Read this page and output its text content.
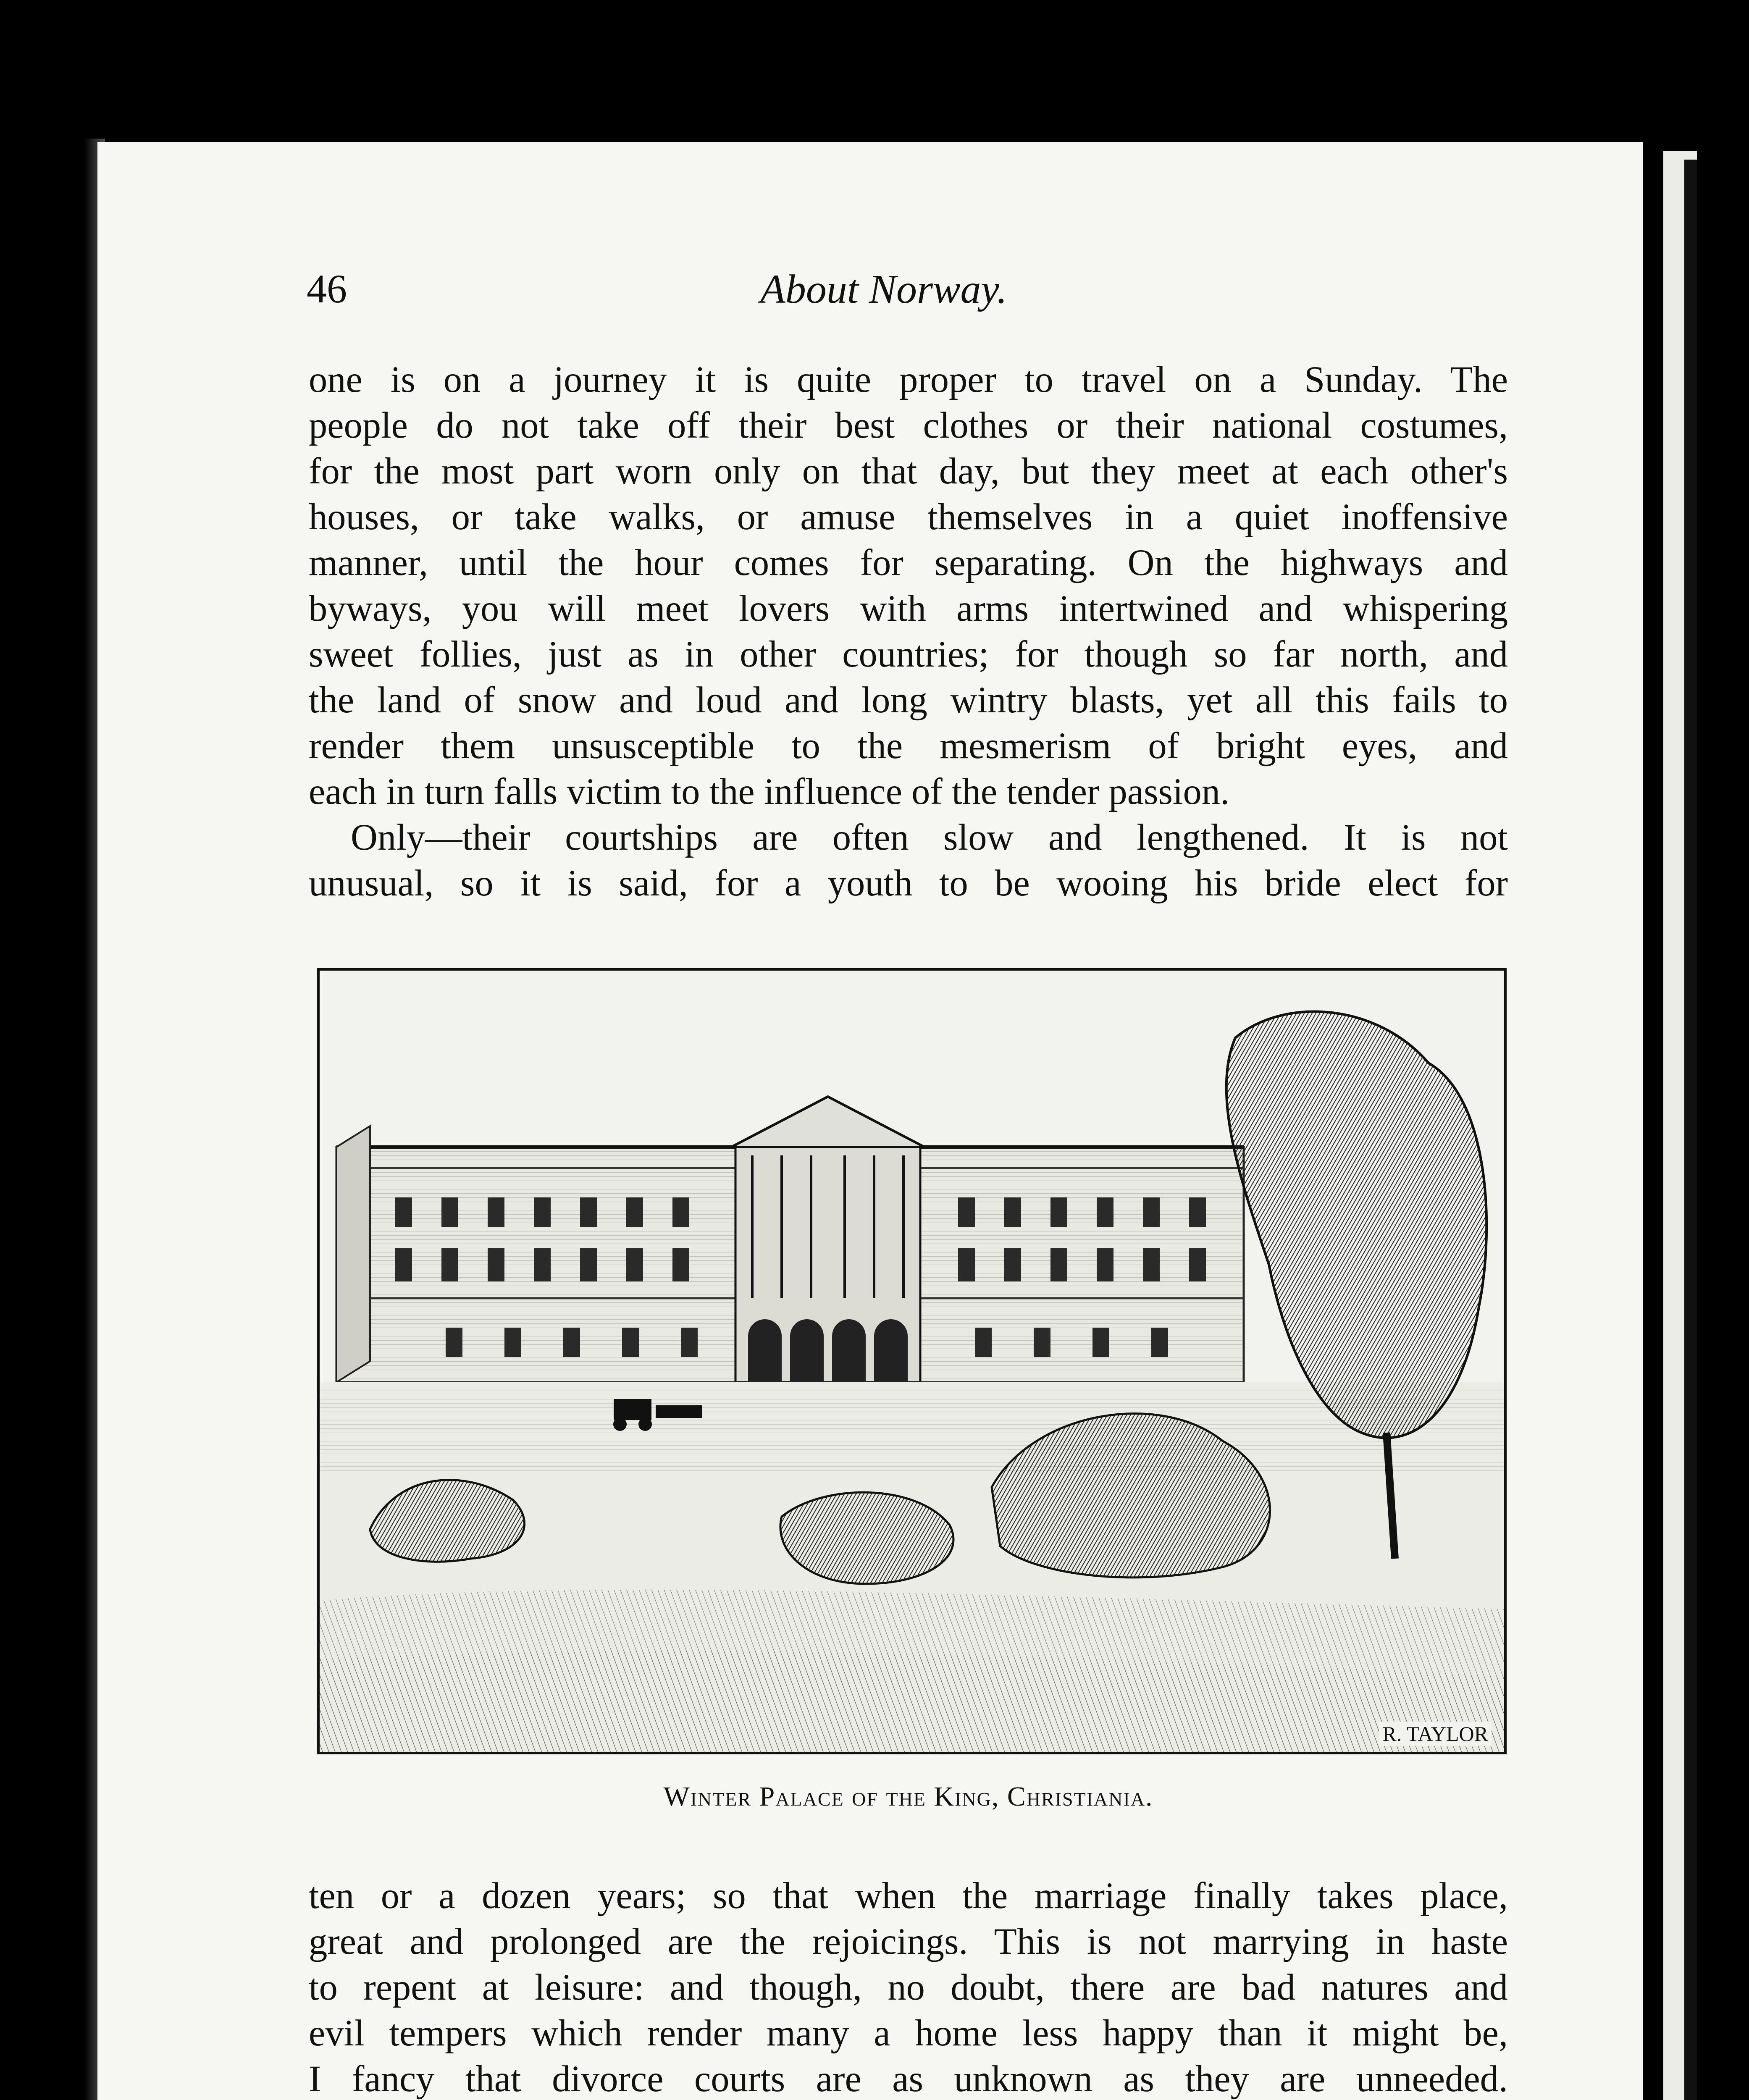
46	About Norway.
one is on a journey it is quite proper to travel on a Sunday. The
people do not take off their best clothes or their national costumes,
for the most part worn only on that day, but they meet at each other's
houses, or take walks, or amuse themselves in a quiet inoffensive
manner, until the hour comes for separating. On the highways and
byways, you will meet lovers with arms intertwined and whispering
sweet follies, just as in other countries; for though so far north, and
the land of snow and loud and long wintry blasts, yet all this fails to
render them unsusceptible to the mesmerism of bright eyes, and
each in turn falls victim to the influence of the tender passion.
Only—their courtships are often slow and lengthened. It is not
unusual, so it is said, for a youth to be wooing his bride elect for
R. TAYLOR
Winter Palace of the King, Christiania.
ten or a dozen years; so that when the marriage finally takes place,
great and prolonged are the rejoicings. This is not marrying in haste
to repent at leisure: and though, no doubt, there are bad natures and
evil tempers which render many a home less happy than it might be,
I fancy that divorce courts are as unknown as they are unneeded.
